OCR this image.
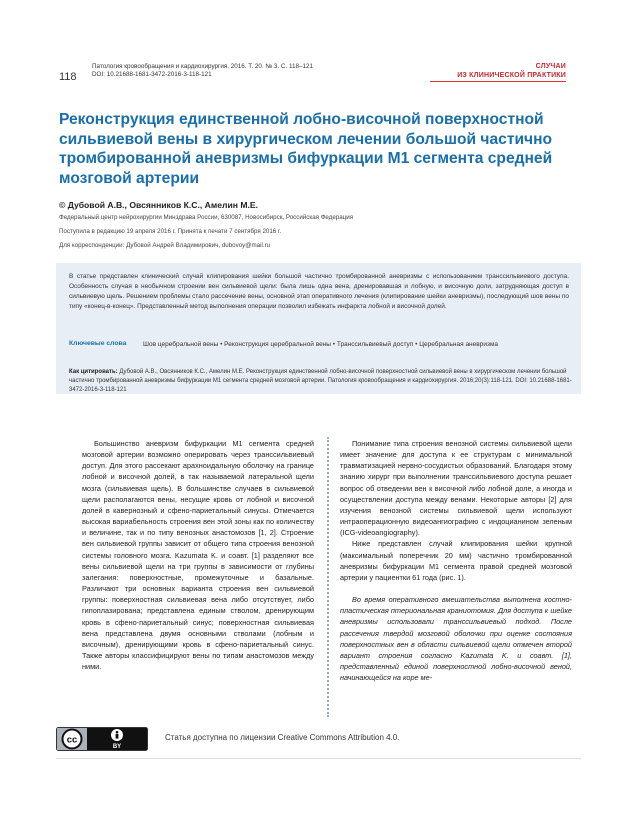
118
Патология кровообращения и кардиохирургия. 2016. Т. 20. № 3. С. 118–121
DOI: 10.21688-1681-3472-2016-3-118-121
СЛУЧАИ
ИЗ КЛИНИЧЕСКОЙ ПРАКТИКИ
Реконструкция единственной лобно-височной поверхностной сильвиевой вены в хирургическом лечении большой частично тромбированной аневризмы бифуркации М1 сегмента средней мозговой артерии
© Дубовой А.В., Овсянников К.С., Амелин М.Е.
Федеральный центр нейрохирургии Минздрава России, 630087, Новосибирск, Российская Федерация
Поступила в редакцию 19 апреля 2016 г. Принята к печати 7 сентября 2016 г.
Для корреспонденции: Дубовой Андрей Владимирович, dubovoy@mail.ru

В статье представлен клинический случай клипирования шейки большой частично тромбированной аневризмы с использованием транссильвиевого доступа. Особенность случая в необычном строении вен сильвиевой щели: была лишь одна вена, дренировавшая и лобную, и височную доли, затрудняющая доступ в сильвиевую щель. Решением проблемы стало рассечение вены, основной этап оперативного лечения (клипирование шейки аневризмы), последующий шов вены по типу «конец-в-конец». Представленный метод выполнения операции позволил избежать инфаркта лобной и височной долей.

Ключевые слова	Шов церебральной вены • Реконструкция церебральной вены • Транссильвиевый доступ • Церебральная аневризма

Как цитировать: Дубовой А.В., Овсянников К.С., Амелин М.Е. Реконструкция единственной лобно-височной поверхностной сильвиевой вены в хирургическом лечении большой частично тромбированной аневризмы бифуркации М1 сегмента средней мозговой артерии. Патология кровообращения и кардиохирургия. 2016;20(3):118-121. DOI: 10.21688-1681-3472-2016-3-118-121

Большинство аневризм бифуркации М1 сегмента средней мозговой артерии возможно оперировать через транссильвиевый доступ. Для этого рассекают арахноидальную оболочку на границе лобной и височной долей, в так называемой латеральной щели мозга (сильвиевая щель). В большинстве случаев в сильвиевой щели располагаются вены, несущие кровь от лобной и височной долей в кавернозный и сфено-париетальный синусы. Отмечается высокая вариабельность строения вен этой зоны как по количеству и величине, так и по типу венозных анастомозов [1, 2]. Строение вен сильвиевой группы зависит от общего типа строения венозной системы головного мозга. Kazumata K. и соавт. [1] разделяют все вены сильвиевой щели на три группы в зависимости от глубины залегания: поверхностные, промежуточные и базальные. Различают три основных варианта строения вен сильвиевой группы: поверхностная сильвиевая вена либо отсутствует, либо гипоплазирована; представлена единым стволом, дренирующим кровь в сфено-париетальный синус; поверхностная сильвиевая вена представлена двумя основными стволами (лобным и височным), дренирующими кровь в сфено-париетальный синус. Также авторы классифицируют вены по типам анастомозов между ними.

Понимание типа строения венозной системы сильвиевой щели имеет значение для доступа к ее структурам с минимальной травматизацией нервно-сосудистых образований. Благодаря этому знанию хирург при выполнении транссильвиевого доступа решает вопрос об отведении вен к височной либо лобной доле, а иногда и осуществлении доступа между венами. Некоторые авторы [2] для изучения венозной системы сильвиевой щели используют интраоперационную видеоангиографию с индоцианином зеленым (ICG-videoangiography).

Ниже представлен случай клипирования шейки крупной (максимальный поперечник 20 мм) частично тромбированной аневризмы бифуркации М1 сегмента правой средней мозговой артерии у пациентки 61 года (рис. 1).

Во время оперативного вмешательства выполнена костно-пластическая птериональная краниотомия. Для доступа к шейке аневризмы использовали транссильвиевый подход. После рассечения твердой мозговой оболочки при оценке состояния поверхностных вен в области сильвиевой щели отмечен второй вариант строения согласно Kazumata K. и соавт. [1], представленный единой поверхностной лобно-височной веной, начинающейся на коре ме-

cc
BY
Статья доступна по лицензии Creative Commons Attribution 4.0.
